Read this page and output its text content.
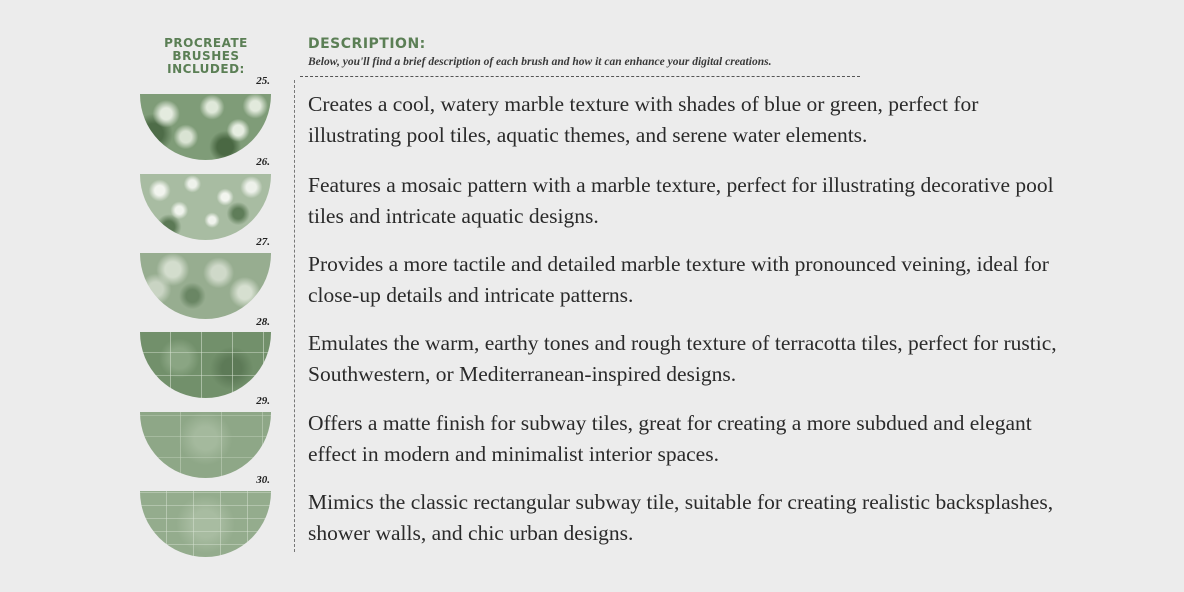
PROCREATE
BRUSHES INCLUDED:
DESCRIPTION:
Below, you'll find a brief description of each brush and how it can enhance your digital creations.
25.
26.
27.
28.
29.
30.
Creates a cool, watery marble texture with shades of blue or green, perfect for illustrating pool tiles, aquatic themes, and serene water elements.
Features a mosaic pattern with a marble texture, perfect for illustrating decorative pool tiles and intricate aquatic designs.
Provides a more tactile and detailed marble texture with pronounced veining, ideal for close-up details and intricate patterns.
Emulates the warm, earthy tones and rough texture of terracotta tiles, perfect for rustic, Southwestern, or Mediterranean-inspired designs.
Offers a matte finish for subway tiles, great for creating a more subdued and elegant effect in modern and minimalist interior spaces.
Mimics the classic rectangular subway tile, suitable for creating realistic backsplashes, shower walls, and chic urban designs.
